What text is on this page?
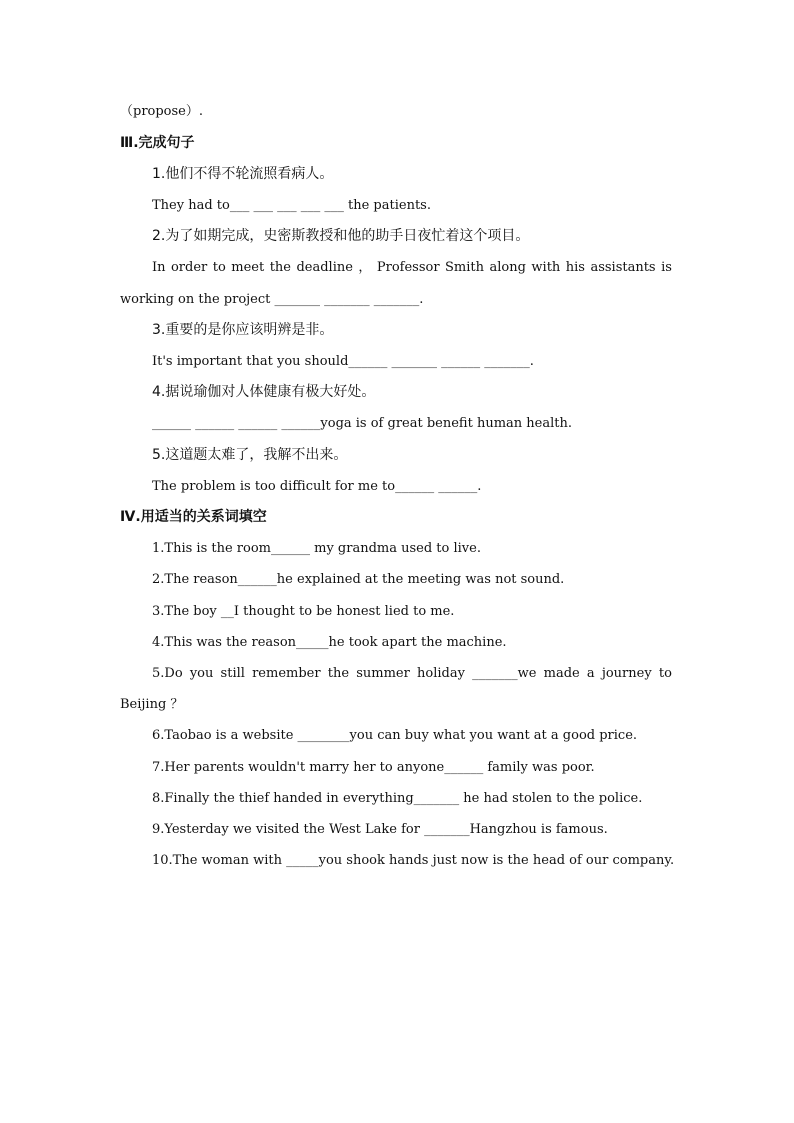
（propose）.
Ⅲ.完成句子
1.他们不得不轮流照看病人。
They had to___ ___ ___ ___ ___ the patients.
2.为了如期完成，史密斯教授和他的助手日夜忙着这个项目。
In order to meet the deadline ， Professor Smith along with his assistants is
working on the project _______ _______ _______.
3.重要的是你应该明辨是非。
It's important that you should______ _______ ______ _______.
4.据说瑜伽对人体健康有极大好处。
______ ______ ______ ______yoga is of great benefit human health.
5.这道题太难了，我解不出来。
The problem is too difficult for me to______ ______.
Ⅳ.用适当的关系词填空
1.This is the room______ my grandma used to live.
2.The reason______he explained at the meeting was not sound.
3.The boy __I thought to be honest lied to me.
4.This was the reason_____he took apart the machine.
5.Do you still remember the summer holiday _______we made a journey to
Beijing ？
6.Taobao is a website ________you can buy what you want at a good price.
7.Her parents wouldn't marry her to anyone______ family was poor.
8.Finally the thief handed in everything_______ he had stolen to the police.
9.Yesterday we visited the West Lake for _______Hangzhou is famous.
10.The woman with _____you shook hands just now is the head of our company.
